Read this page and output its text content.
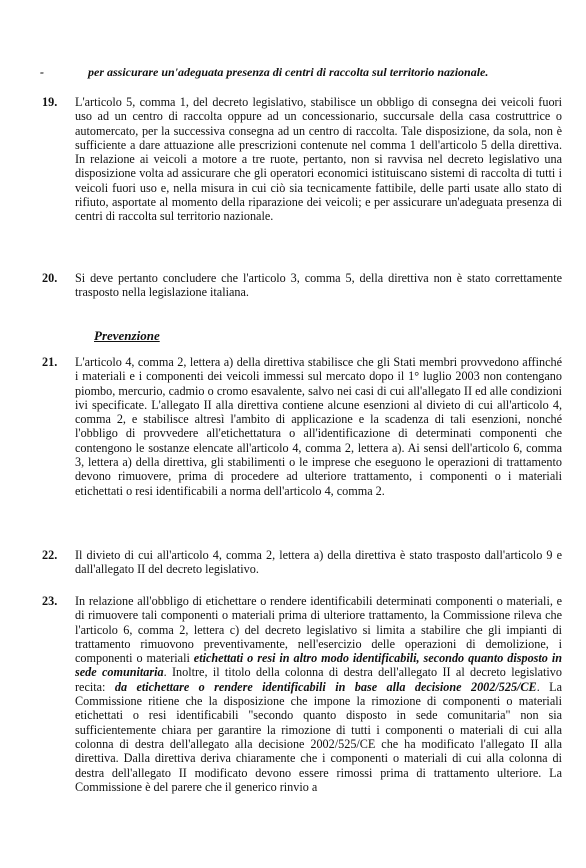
-	per assicurare un'adeguata presenza di centri di raccolta sul territorio nazionale.
19. L'articolo 5, comma 1, del decreto legislativo, stabilisce un obbligo di consegna dei veicoli fuori uso ad un centro di raccolta oppure ad un concessionario, succursale della casa costruttrice o automercato, per la successiva consegna ad un centro di raccolta. Tale disposizione, da sola, non è sufficiente a dare attuazione alle prescrizioni contenute nel comma 1 dell'articolo 5 della direttiva. In relazione ai veicoli a motore a tre ruote, pertanto, non si ravvisa nel decreto legislativo una disposizione volta ad assicurare che gli operatori economici istituiscano sistemi di raccolta di tutti i veicoli fuori uso e, nella misura in cui ciò sia tecnicamente fattibile, delle parti usate allo stato di rifiuto, asportate al momento della riparazione dei veicoli; e per assicurare un'adeguata presenza di centri di raccolta sul territorio nazionale.
20. Si deve pertanto concludere che l'articolo 3, comma 5, della direttiva non è stato correttamente trasposto nella legislazione italiana.
Prevenzione
21. L'articolo 4, comma 2, lettera a) della direttiva stabilisce che gli Stati membri provvedono affinché i materiali e i componenti dei veicoli immessi sul mercato dopo il 1° luglio 2003 non contengano piombo, mercurio, cadmio o cromo esavalente, salvo nei casi di cui all'allegato II ed alle condizioni ivi specificate. L'allegato II alla direttiva contiene alcune esenzioni al divieto di cui all'articolo 4, comma 2, e stabilisce altresì l'ambito di applicazione e la scadenza di tali esenzioni, nonché l'obbligo di provvedere all'etichettatura o all'identificazione di determinati componenti che contengono le sostanze elencate all'articolo 4, comma 2, lettera a). Ai sensi dell'articolo 6, comma 3, lettera a) della direttiva, gli stabilimenti o le imprese che eseguono le operazioni di trattamento devono rimuovere, prima di procedere ad ulteriore trattamento, i componenti o i materiali etichettati o resi identificabili a norma dell'articolo 4, comma 2.
22. Il divieto di cui all'articolo 4, comma 2, lettera a) della direttiva è stato trasposto dall'articolo 9 e dall'allegato II del decreto legislativo.
23. In relazione all'obbligo di etichettare o rendere identificabili determinati componenti o materiali, e di rimuovere tali componenti o materiali prima di ulteriore trattamento, la Commissione rileva che l'articolo 6, comma 2, lettera c) del decreto legislativo si limita a stabilire che gli impianti di trattamento rimuovono preventivamente, nell'esercizio delle operazioni di demolizione, i componenti o materiali etichettati o resi in altro modo identificabili, secondo quanto disposto in sede comunitaria. Inoltre, il titolo della colonna di destra dell'allegato II al decreto legislativo recita: da etichettare o rendere identificabili in base alla decisione 2002/525/CE. La Commissione ritiene che la disposizione che impone la rimozione di componenti o materiali etichettati o resi identificabili "secondo quanto disposto in sede comunitaria" non sia sufficientemente chiara per garantire la rimozione di tutti i componenti o materiali di cui alla colonna di destra dell'allegato alla decisione 2002/525/CE che ha modificato l'allegato II alla direttiva. Dalla direttiva deriva chiaramente che i componenti o materiali di cui alla colonna di destra dell'allegato II modificato devono essere rimossi prima di trattamento ulteriore. La Commissione è del parere che il generico rinvio a
